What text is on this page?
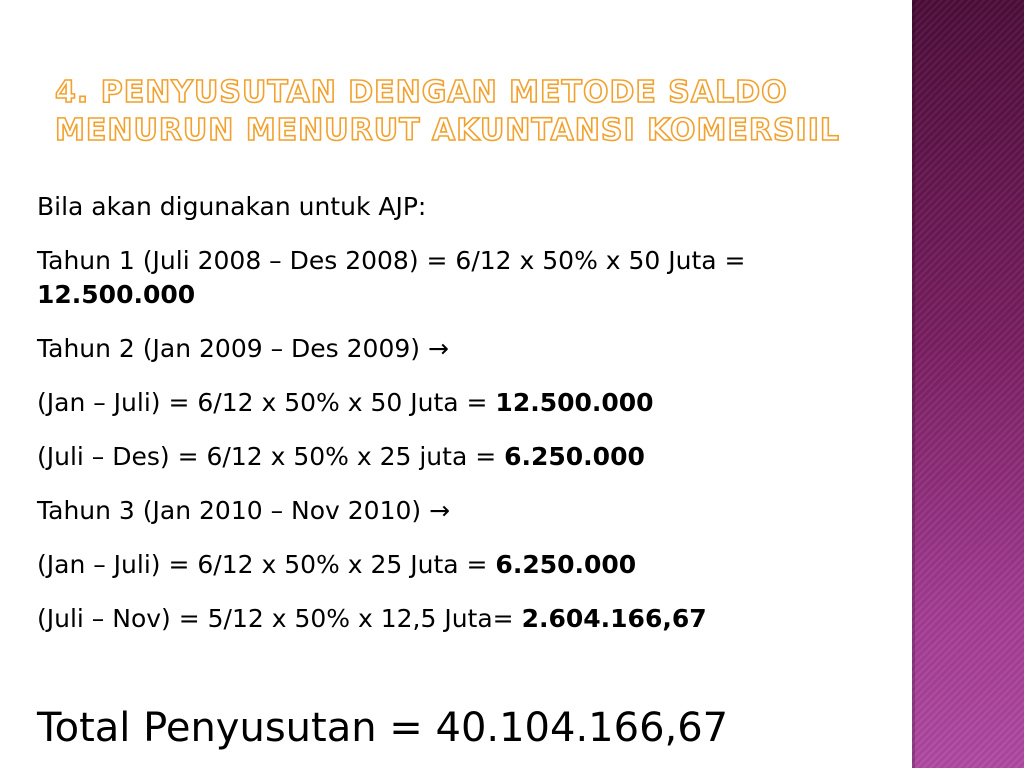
4. PENYUSUTAN DENGAN METODE SALDO
MENURUN MENURUT AKUNTANSI KOMERSIIL

Bila akan digunakan untuk AJP:

Tahun 1 (Juli 2008 – Des 2008) = 6/12 x 50% x 50 Juta = 12.500.000

Tahun 2 (Jan 2009 – Des 2009) →

(Jan – Juli) = 6/12 x 50% x 50 Juta = 12.500.000

(Juli – Des) = 6/12 x 50% x 25 juta = 6.250.000

Tahun 3 (Jan 2010 – Nov 2010) →

(Jan – Juli) = 6/12 x 50% x 25 Juta = 6.250.000

(Juli – Nov) = 5/12 x 50% x 12,5 Juta= 2.604.166,67

Total Penyusutan = 40.104.166,67
